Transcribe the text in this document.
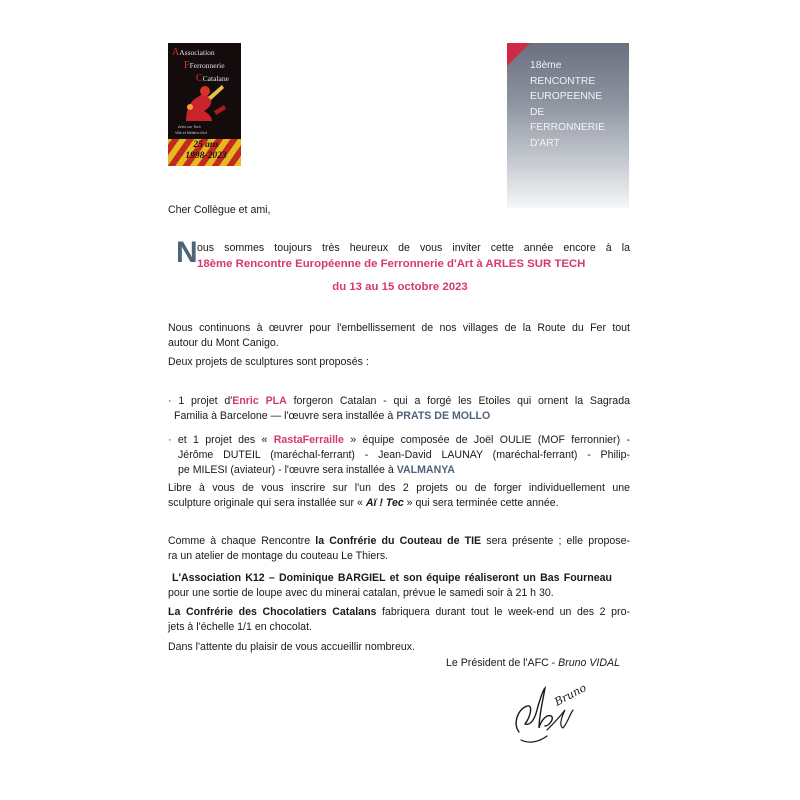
AAssociation
FFerronnerie
CCatalane
Arles sur Tech
Ville et Métiers d'Art
25 ans
1998-2023
18ème
RENCONTRE
EUROPEENNE
DE
FERRONNERIE
D'ART
Cher Collègue et ami,
N ous sommes toujours très heureux de vous inviter cette année encore à la
18ème Rencontre Européenne de Ferronnerie d'Art à ARLES SUR TECH
du 13 au 15 octobre 2023
Nous continuons à œuvrer pour l'embellissement de nos villages de la Route du Fer tout
autour du Mont Canigo.
Deux projets de sculptures sont proposés :
· 1 projet d'Enric PLA forgeron Catalan - qui a forgé les Etoiles qui ornent la Sagrada
Familia à Barcelone — l'œuvre sera installée à PRATS DE MOLLO
· et 1 projet des « RastaFerraille » équipe composée de Joël OULIE (MOF ferronnier) -
Jérôme DUTEIL (maréchal-ferrant) - Jean-David LAUNAY (maréchal-ferrant) - Philip-
pe MILESI (aviateur) - l'œuvre sera installée à VALMANYA
Libre à vous de vous inscrire sur l'un des 2 projets ou de forger individuellement une
sculpture originale qui sera installée sur « Aï ! Tec » qui sera terminée cette année.
Comme à chaque Rencontre la Confrérie du Couteau de TIE sera présente ; elle propose-
ra un atelier de montage du couteau Le Thiers.
L'Association K12 – Dominique BARGIEL et son équipe réaliseront un Bas Fourneau
pour une sortie de loupe avec du minerai catalan, prévue le samedi soir à 21 h 30.
La Confrérie des Chocolatiers Catalans fabriquera durant tout le week-end un des 2 pro-
jets à l'échelle 1/1 en chocolat.
Dans l'attente du plaisir de vous accueillir nombreux.
Le Président de l'AFC - Bruno VIDAL
Bruno
